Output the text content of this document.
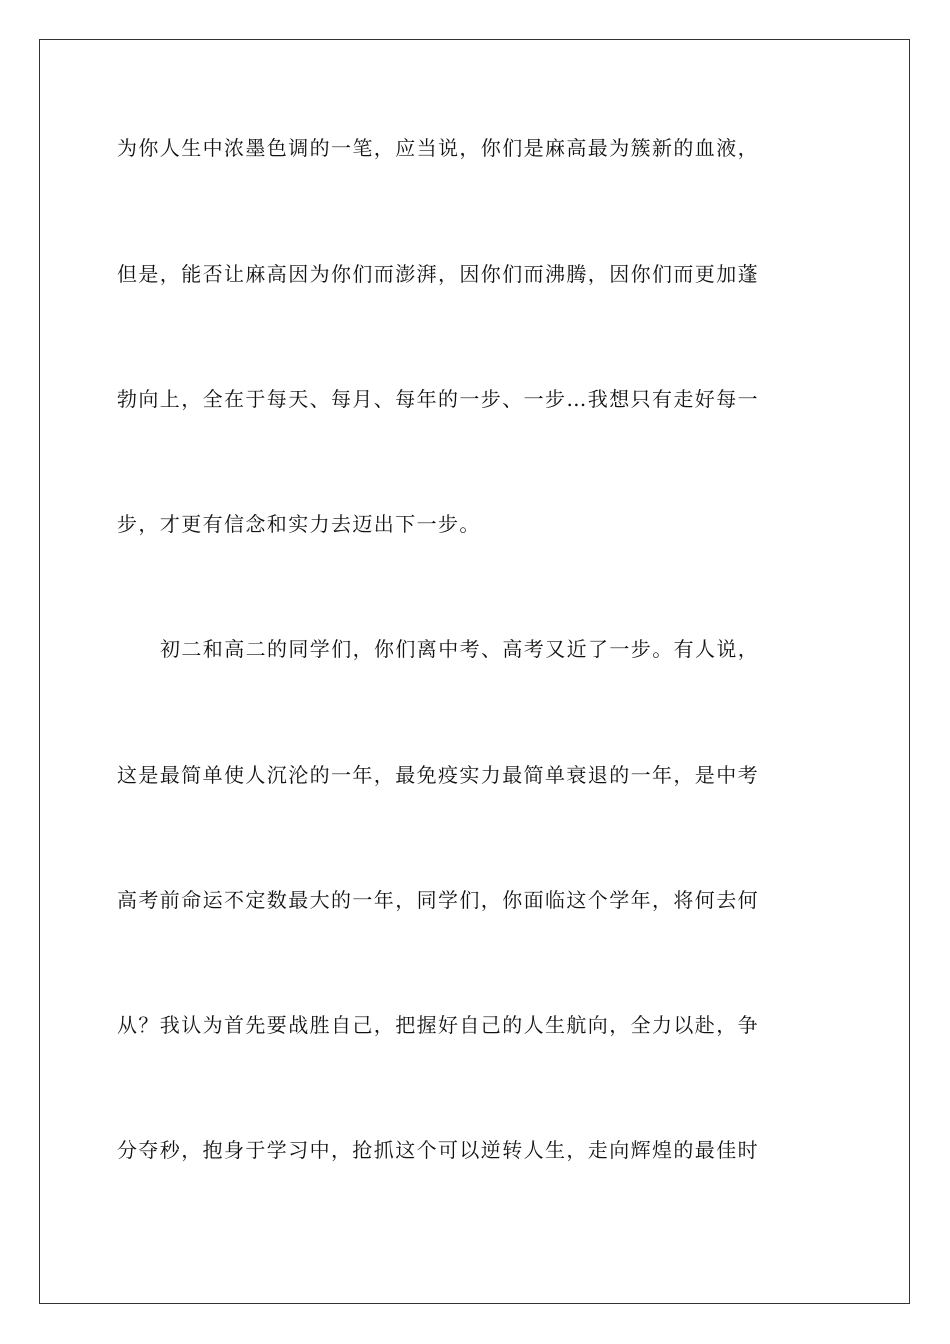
为你人生中浓墨色调的一笔，应当说，你们是麻高最为簇新的血液，
但是，能否让麻高因为你们而澎湃，因你们而沸腾，因你们而更加蓬
勃向上，全在于每天、每月、每年的一步、一步…我想只有走好每一
步，才更有信念和实力去迈出下一步。
初二和高二的同学们，你们离中考、高考又近了一步。有人说，
这是最简单使人沉沦的一年，最免疫实力最简单衰退的一年，是中考
高考前命运不定数最大的一年，同学们，你面临这个学年，将何去何
从？我认为首先要战胜自己，把握好自己的人生航向，全力以赴，争
分夺秒，抱身于学习中，抢抓这个可以逆转人生，走向辉煌的最佳时
